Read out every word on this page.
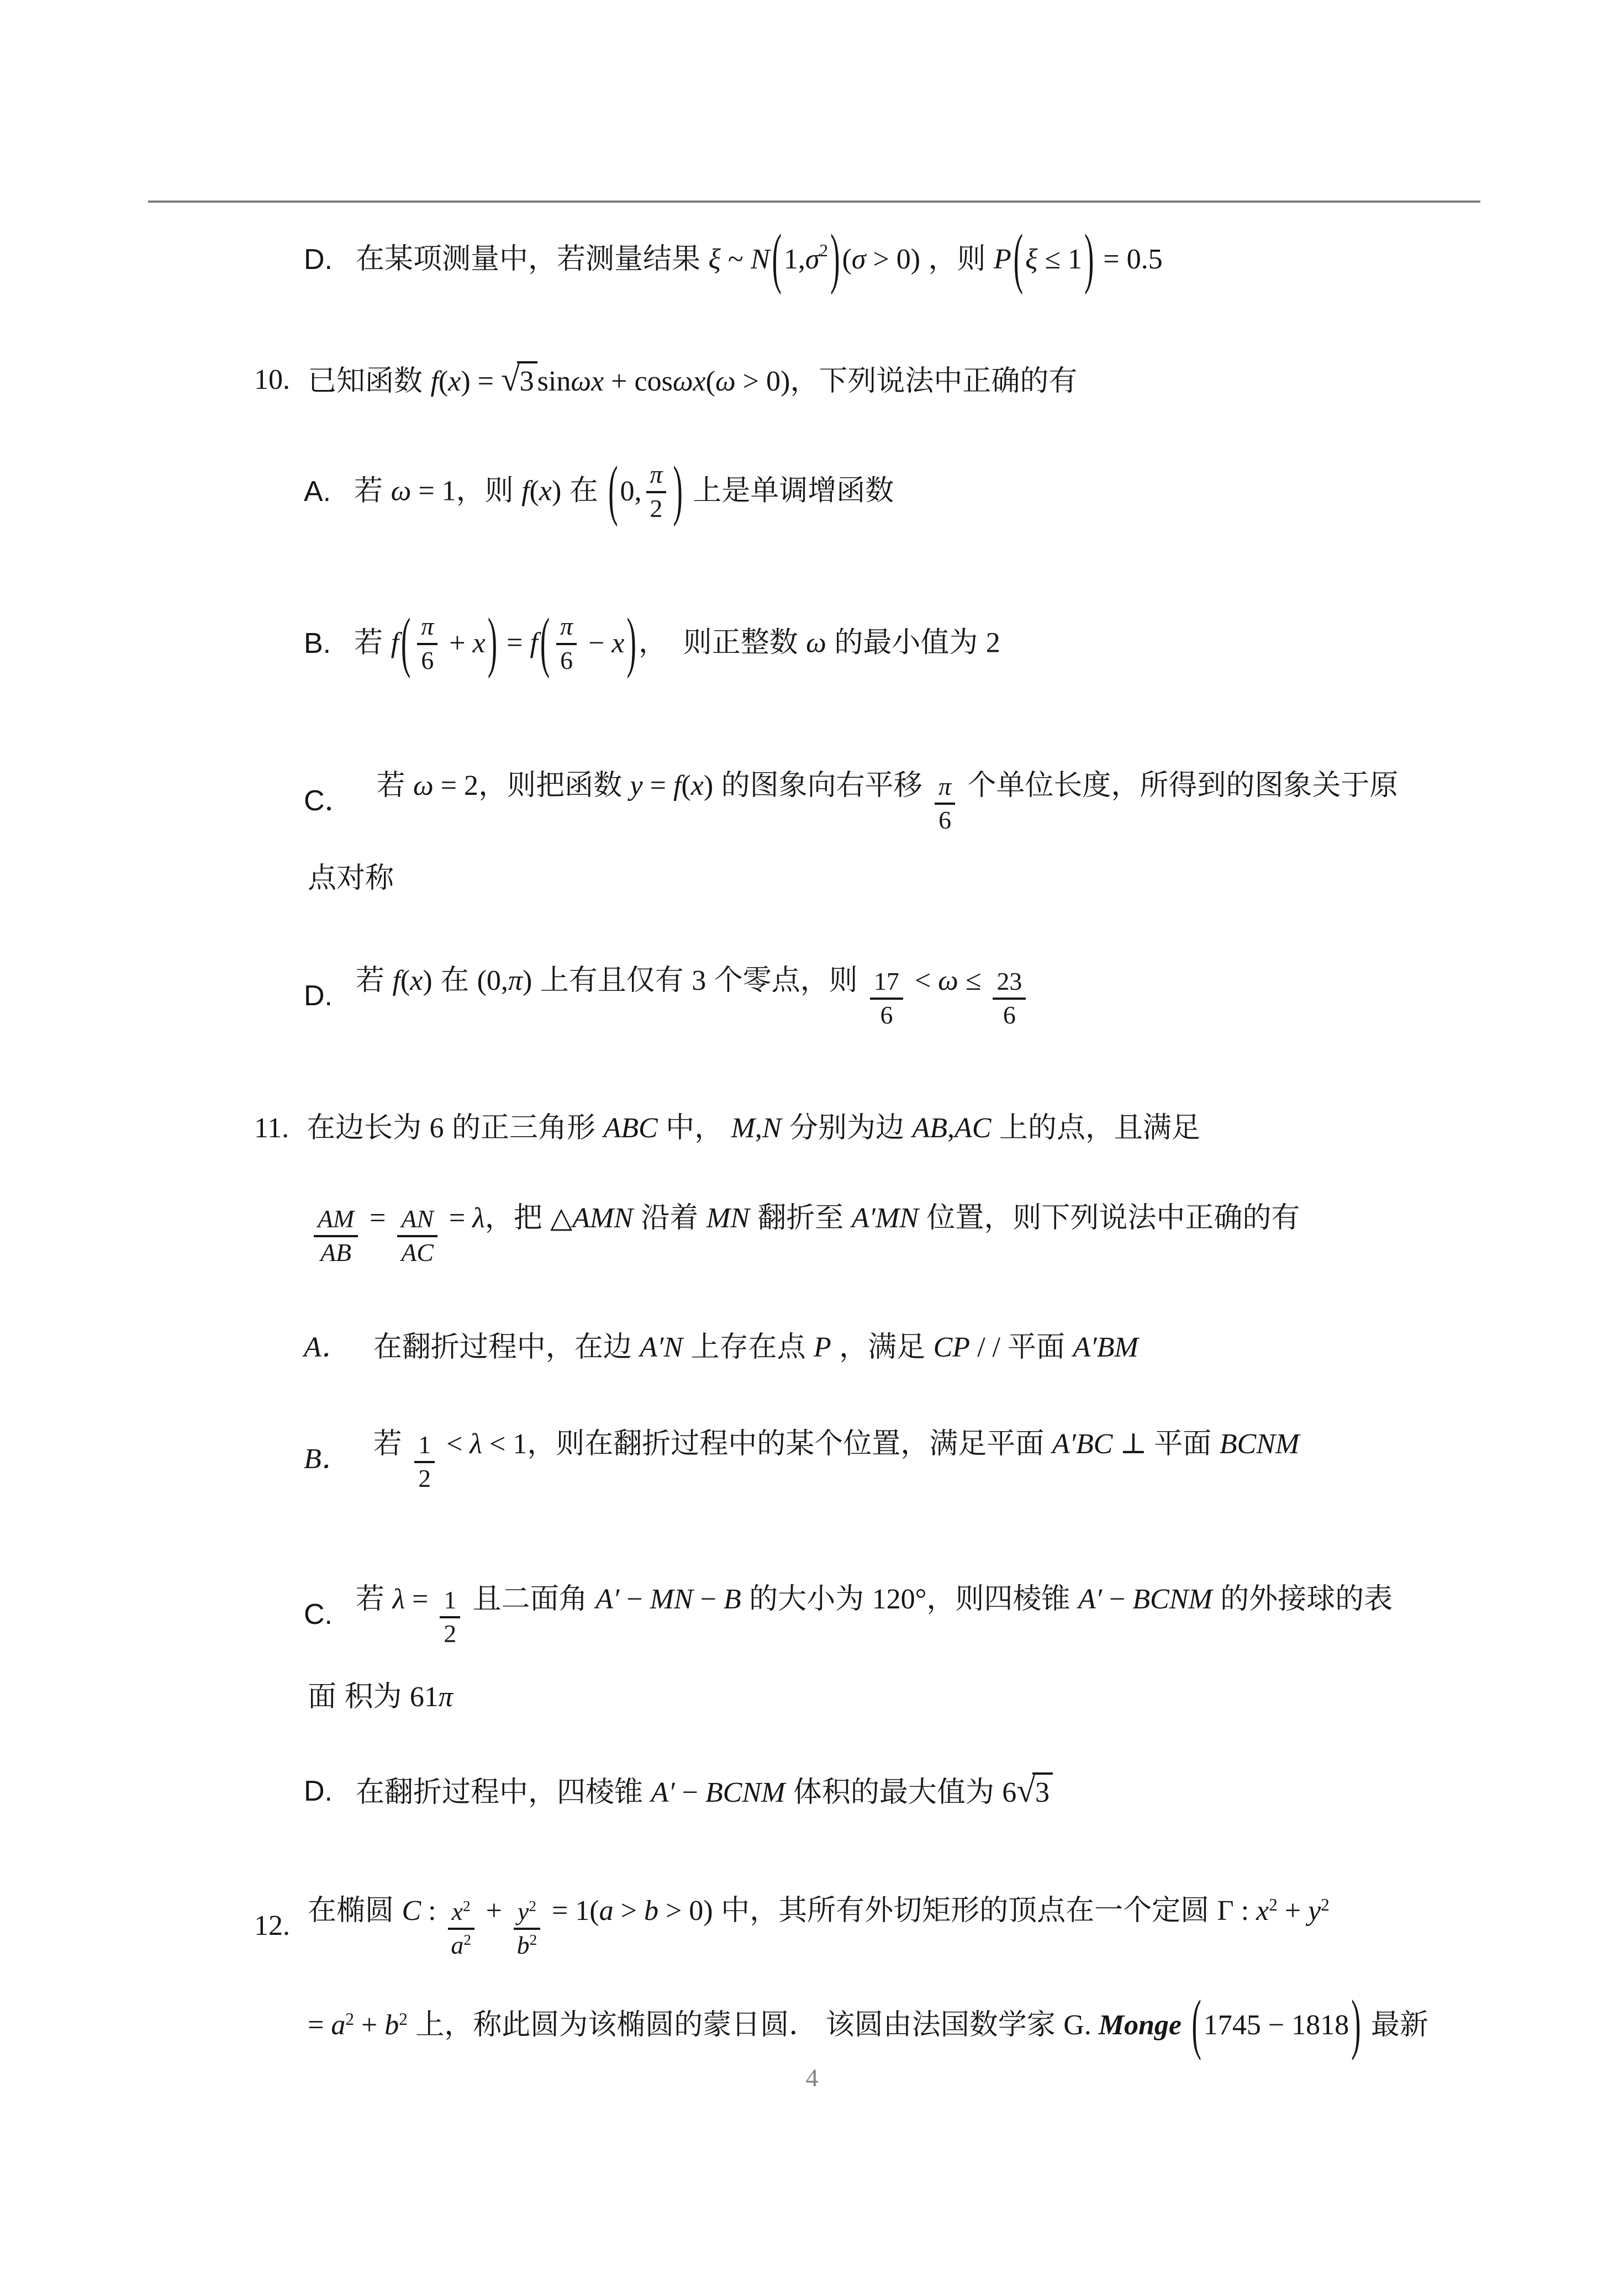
D. 在某项测量中，若测量结果 ξ ~ N ( 1, σ 2 ) (σ > 0) ，则 P ( ξ ≤ 1 ) = 0.5
10. 已知函数 f(x) = √ 3 sinωx + cosωx(ω > 0)，下列说法中正确的有
A. 若 ω = 1，则 f(x) 在 ( 0, $\frac{\pi}{2}$ ) 上是单调增函数
B. 若 f ( $\frac{\pi}{6} + x$ ) = f ( $\frac{\pi}{6} - x$ ) ，  则正整数 ω 的最小值为 2
C． 若 ω = 2，则把函数 y = f(x) 的图象向右平移 $\frac{\pi}{6}$ 个单位长度，所得到的图象关于原
点对称
D. 若 f(x) 在 (0,π) 上有且仅有 3 个零点，则 $\frac{17}{6} < \omega \le \frac{23}{6}$
11. 在边长为 6 的正三角形 ABC 中， M,N 分别为边 AB,AC 上的点，且满足
$\frac{AM}{AB} = \frac{AN}{AC} = \lambda$，把 △AMN 沿着 MN 翻折至 A′MN 位置，则下列说法中正确的有
A． 在翻折过程中，在边 A′N 上存在点 P ，满足 CP / / 平面 A′BM
B． 若 $\frac{1}{2} < \lambda < 1$，则在翻折过程中的某个位置，满足平面 A′BC ⊥ 平面 BCNM
C. 若 $\lambda = \frac{1}{2}$ 且二面角 A′ − MN − B 的大小为 120°，则四棱锥 A′ − BCNM 的外接球的表
面 积为 61π
D. 在翻折过程中，四棱锥 A′ − BCNM 体积的最大值为 6 √ 3
12. 在椭圆 C : $\frac{x^2}{a^2} + \frac{y^2}{b^2} = 1(a > b > 0)$ 中，其所有外切矩形的顶点在一个定圆 Γ : $x^2 + y^2$
= $a^2 + b^2$ 上，称此圆为该椭圆的蒙日圆． 该圆由法国数学家 G. Monge ( 1745 − 1818 ) 最新
4
